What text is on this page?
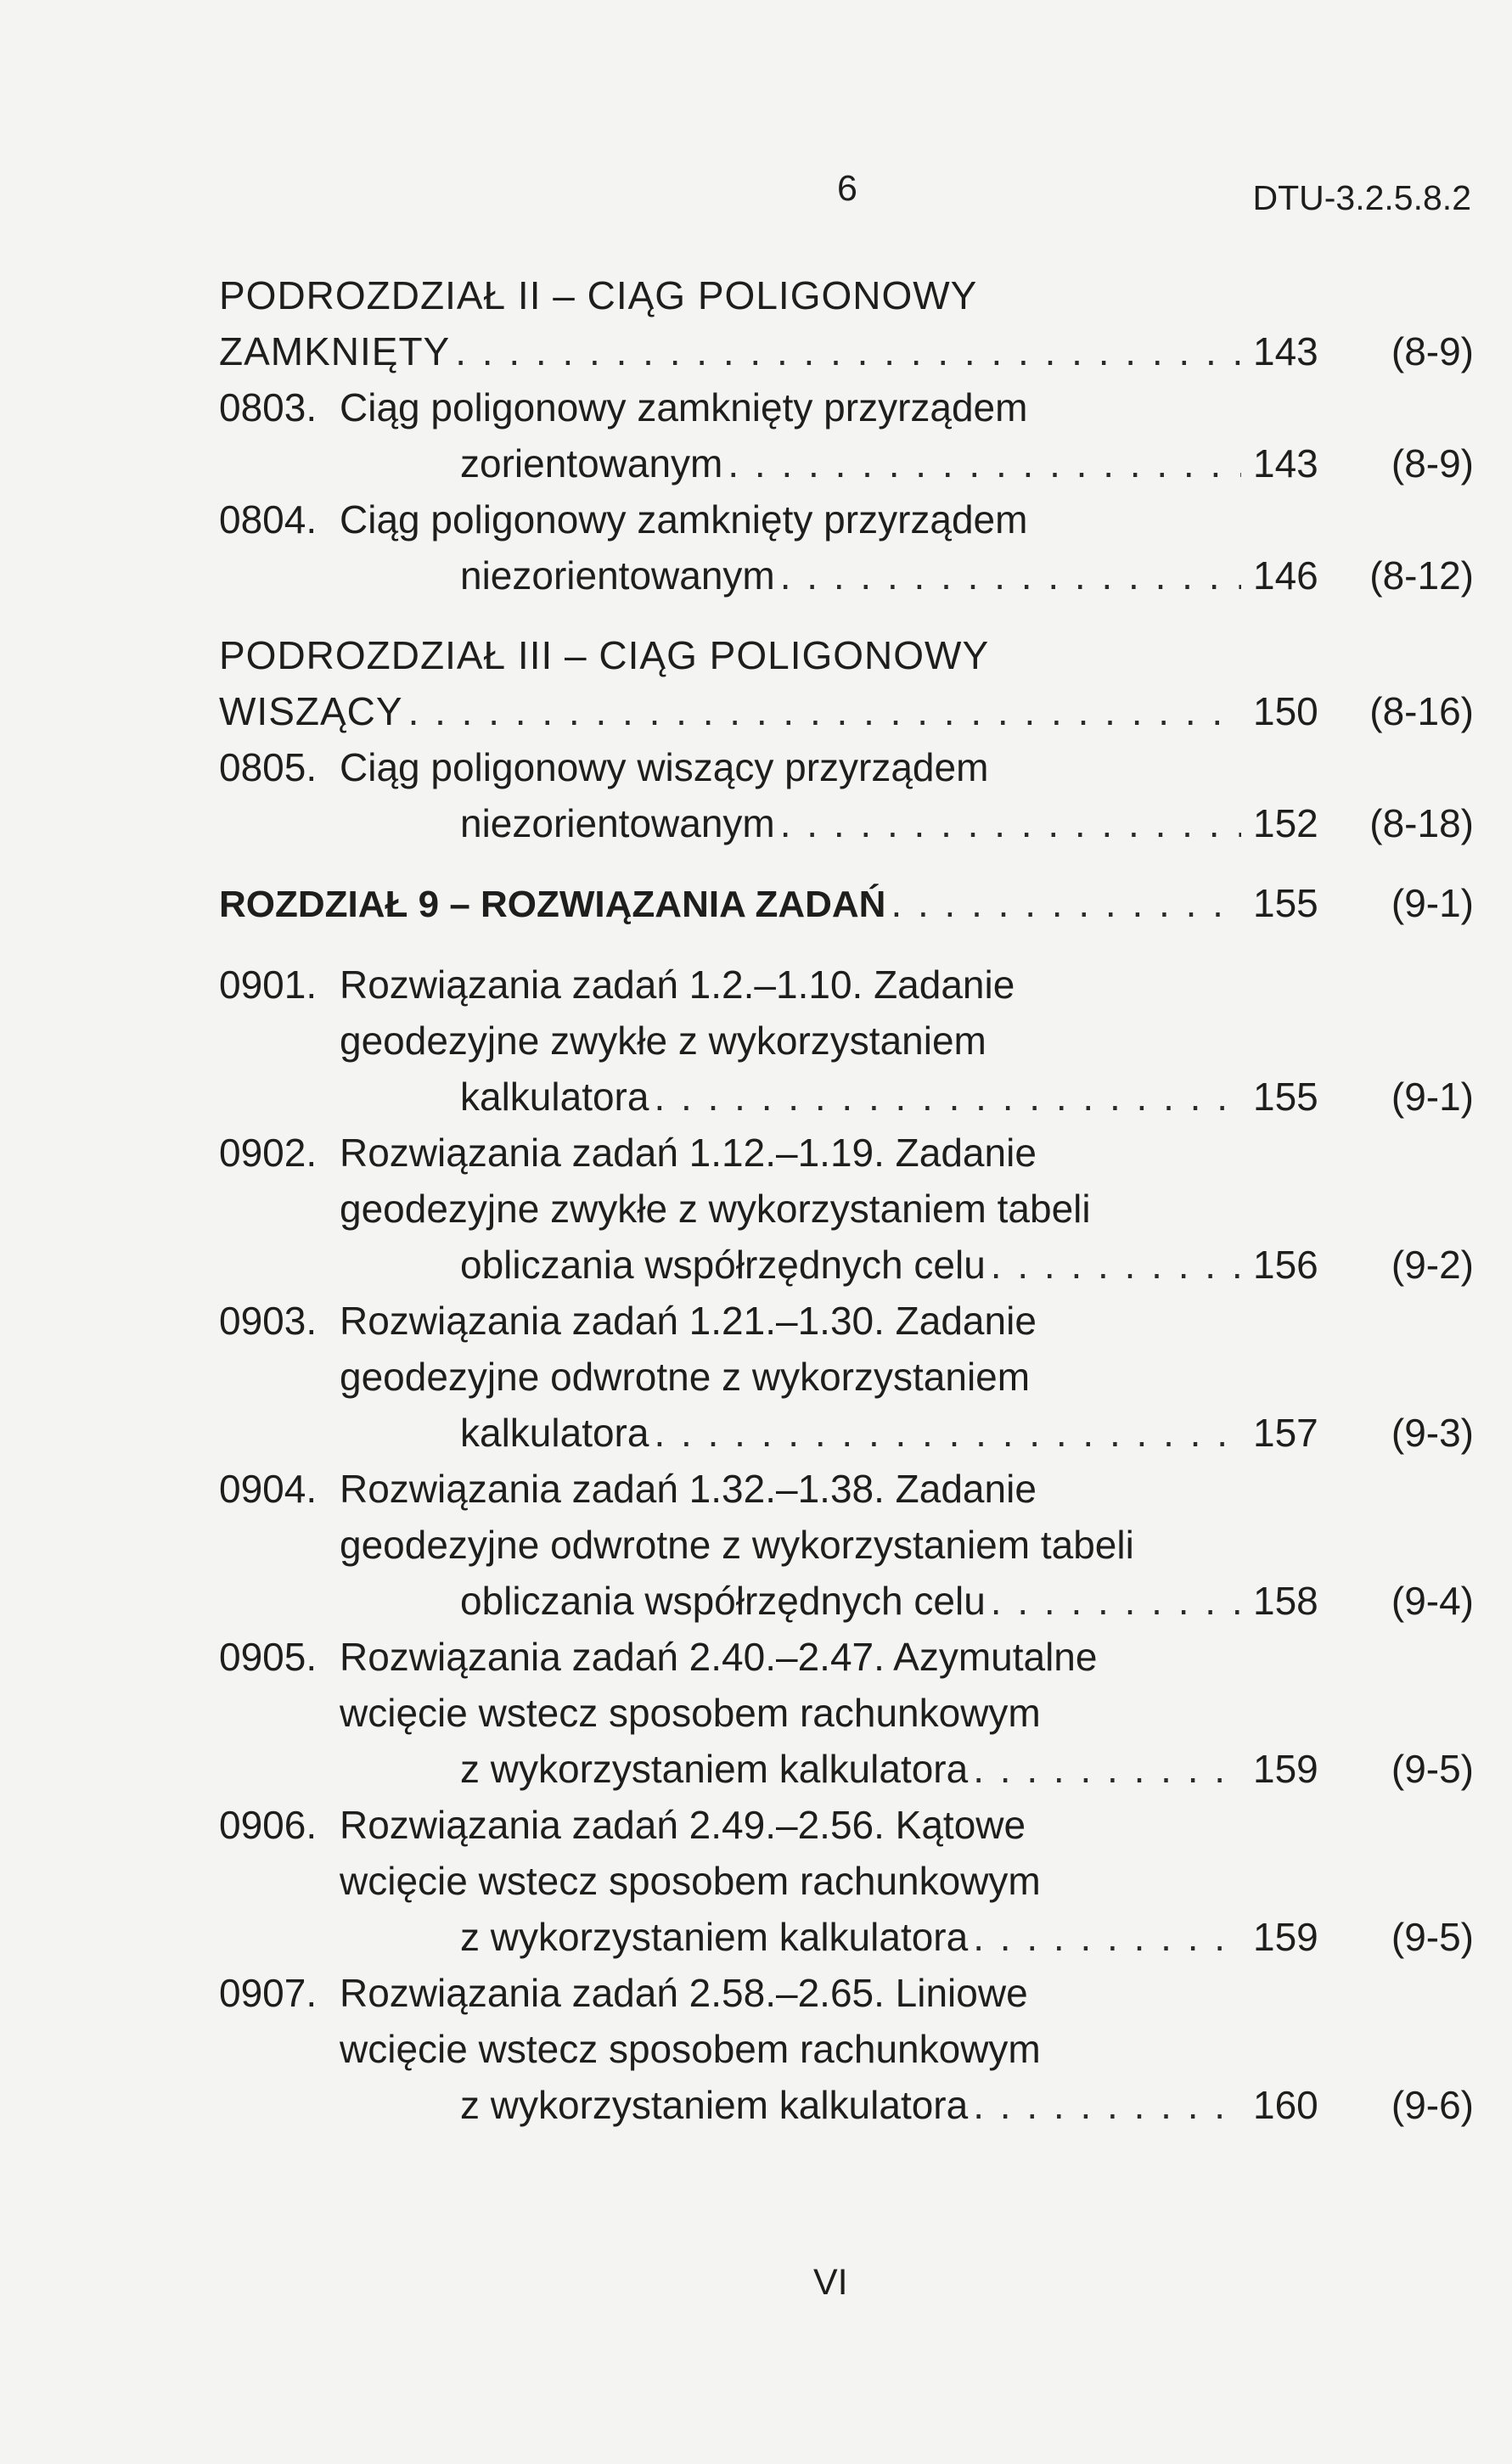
6	DTU-3.2.5.8.2
PODROZDZIAŁ II – CIĄG POLIGONOWY
ZAMKNIĘTY . . .	143	(8-9)
0803. Ciąg poligonowy zamknięty przyrządem
zorientowanym . . .	143	(8-9)
0804. Ciąg poligonowy zamknięty przyrządem
niezorientowanym . . .	146	(8-12)
PODROZDZIAŁ III – CIĄG POLIGONOWY
WISZĄCY . . .	150	(8-16)
0805. Ciąg poligonowy wiszący przyrządem
niezorientowanym . . .	152	(8-18)
ROZDZIAŁ 9 – ROZWIĄZANIA ZADAŃ . . .	155	(9-1)
0901. Rozwiązania zadań 1.2.–1.10. Zadanie
geodezyjne zwykłe z wykorzystaniem
kalkulatora . . .	155	(9-1)
0902. Rozwiązania zadań 1.12.–1.19. Zadanie
geodezyjne zwykłe z wykorzystaniem tabeli
obliczania współrzędnych celu . . .	156	(9-2)
0903. Rozwiązania zadań 1.21.–1.30. Zadanie
geodezyjne odwrotne z wykorzystaniem
kalkulatora . . .	157	(9-3)
0904. Rozwiązania zadań 1.32.–1.38. Zadanie
geodezyjne odwrotne z wykorzystaniem tabeli
obliczania współrzędnych celu . . .	158	(9-4)
0905. Rozwiązania zadań 2.40.–2.47. Azymutalne
wcięcie wstecz sposobem rachunkowym
z wykorzystaniem kalkulatora . . .	159	(9-5)
0906. Rozwiązania zadań 2.49.–2.56. Kątowe
wcięcie wstecz sposobem rachunkowym
z wykorzystaniem kalkulatora . . .	159	(9-5)
0907. Rozwiązania zadań 2.58.–2.65. Liniowe
wcięcie wstecz sposobem rachunkowym
z wykorzystaniem kalkulatora . . .	160	(9-6)
VI
